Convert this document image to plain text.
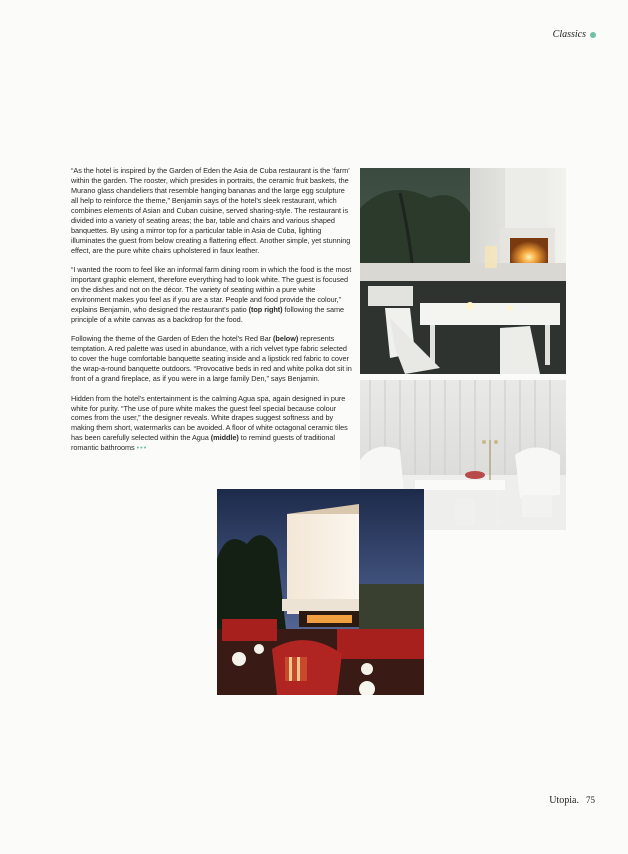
Classics

“As the hotel is inspired by the Garden of Eden the Asia de Cuba restaurant is the ‘farm’ within the garden. The rooster, which presides in portraits, the ceramic fruit baskets, the Murano glass chandeliers that resemble hanging bananas and the large egg sculpture all help to reinforce the theme,” Benjamin says of the hotel’s sleek restaurant, which combines elements of Asian and Cuban cuisine, served sharing-style. The restaurant is divided into a variety of seating areas; the bar, table and chairs and various shaped banquettes. By using a mirror top for a particular table in Asia de Cuba, lighting illuminates the guest from below creating a flattering effect. Another simple, yet stunning effect, are the pure white chairs upholstered in faux leather.

“I wanted the room to feel like an informal farm dining room in which the food is the most important graphic element, therefore everything had to look white. The guest is focused on the dishes and not on the décor. The variety of seating within a pure white environment makes you feel as if you are a star. People and food provide the colour,” explains Benjamin, who designed the restaurant’s patio (top right) following the same principle of a white canvas as a backdrop for the food.

Following the theme of the Garden of Eden the hotel’s Red Bar (below) represents temptation. A red palette was used in abundance, with a rich velvet type fabric selected to cover the huge comfortable banquette seating inside and a lipstick red fabric to cover the wrap-a-round banquette outdoors. “Provocative beds in red and white polka dot sit in front of a grand fireplace, as if you were in a large family Den,” says Benjamin.

Hidden from the hotel’s entertainment is the calming Agua spa, again designed in pure white for purity. “The use of pure white makes the guest feel special because colour comes from the user,” the designer reveals. White drapes suggest softness and by making them short, watermarks can be avoided. A floor of white octagonal ceramic tiles has been carefully selected within the Agua (middle) to remind guests of traditional romantic bathrooms •••

Utopia. 75
